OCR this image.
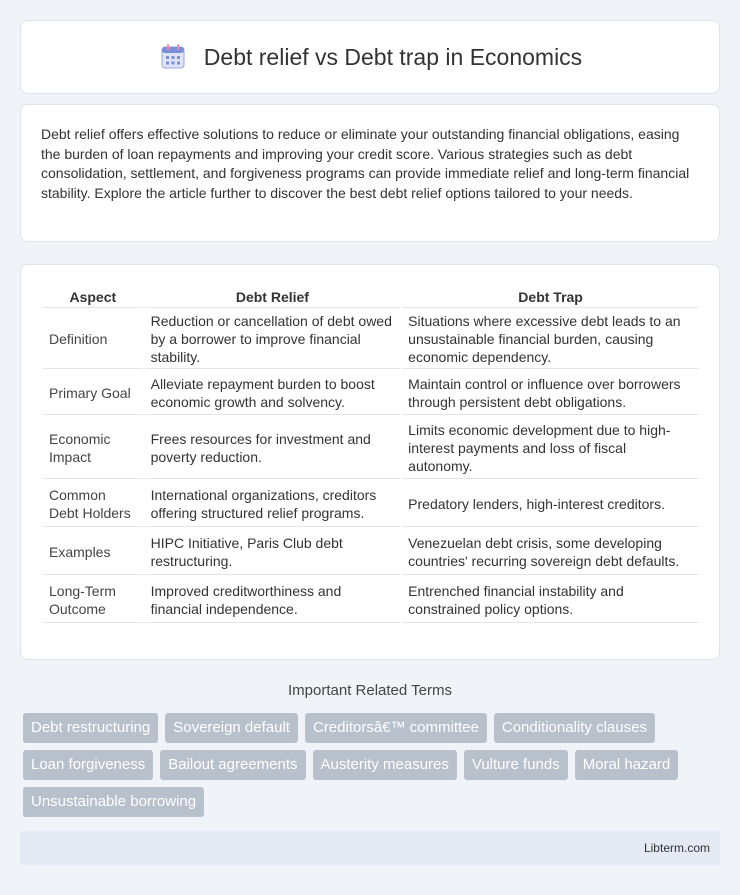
Debt relief vs Debt trap in Economics

Debt relief offers effective solutions to reduce or eliminate your outstanding financial obligations, easing the burden of loan repayments and improving your credit score. Various strategies such as debt consolidation, settlement, and forgiveness programs can provide immediate relief and long-term financial stability. Explore the article further to discover the best debt relief options tailored to your needs.

Aspect	Debt Relief	Debt Trap
Definition	Reduction or cancellation of debt owed by a borrower to improve financial stability.	Situations where excessive debt leads to an unsustainable financial burden, causing economic dependency.
Primary Goal	Alleviate repayment burden to boost economic growth and solvency.	Maintain control or influence over borrowers through persistent debt obligations.
Economic Impact	Frees resources for investment and poverty reduction.	Limits economic development due to high-interest payments and loss of fiscal autonomy.
Common Debt Holders	International organizations, creditors offering structured relief programs.	Predatory lenders, high-interest creditors.
Examples	HIPC Initiative, Paris Club debt restructuring.	Venezuelan debt crisis, some developing countries' recurring sovereign debt defaults.
Long-Term Outcome	Improved creditworthiness and financial independence.	Entrenched financial instability and constrained policy options.
Important Related Terms
Debt restructuring	Sovereign default	Creditorsâ€™ committee	Conditionality clauses
Loan forgiveness	Bailout agreements	Austerity measures	Vulture funds	Moral hazard
Unsustainable borrowing
Libterm.com
